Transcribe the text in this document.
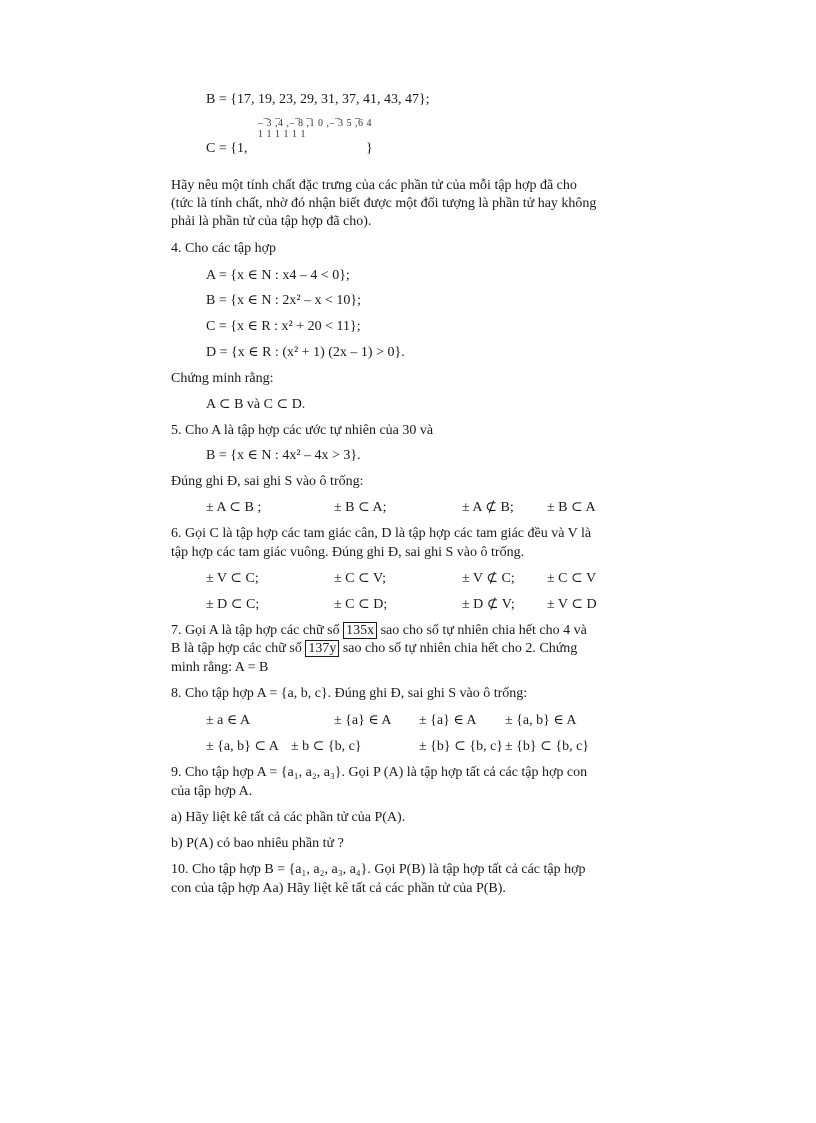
B = {17, 19, 23, 29, 31, 37, 41, 43, 47};
C = {1,
– ̅3 ,̅4 ,– ̅8 ,̅1 0 ,– ̅3 5 ,̅6 4
1 1 1 1 1 1
}
Hãy nêu một tính chất đặc trưng của các phần tử của mỗi tập hợp đã cho
(tức là tính chất, nhờ đó nhận biết được một đối tượng là phần tử hay không
phải là phần tử của tập hợp đã cho).
4. Cho các tập hợp
A = {x ∈ N : x4 – 4 < 0};
B = {x ∈ N : 2x² – x < 10};
C = {x ∈ R : x² + 20 < 11};
D = {x ∈ R : (x² + 1) (2x – 1) > 0}.
Chứng minh rằng:
A ⊂ B và C ⊂ D.
5. Cho A là tập hợp các ước tự nhiên của 30 và
B = {x ∈ N : 4x² – 4x > 3}.
Đúng ghi Đ, sai ghi S vào ô trống:
± A ⊂ B ;	± B ⊂ A;	± A ⊄ B; ± B ⊂ A
6. Gọi C là tập hợp các tam giác cân, D là tập hợp các tam giác đều và V là
tập hợp các tam giác vuông. Đúng ghi Đ, sai ghi S vào ô trống.
± V ⊂ C;	± C ⊂ V;	± V ⊄ C; ± C ⊂ V
± D ⊂ C;	± C ⊂ D;	± D ⊄ V; ± V ⊂ D
7. Gọi A là tập hợp các chữ số 135x sao cho số tự nhiên chia hết cho 4 và
B là tập hợp các chữ số 137y sao cho số tự nhiên chia hết cho 2. Chứng
minh rằng: A = B
8. Cho tập hợp A = {a, b, c}. Đúng ghi Đ, sai ghi S vào ô trống:
± a ∈ A	± {a} ∈ A ± {a} ∈ A ± {a, b} ∈ A
± {a, b} ⊂ A ± b ⊂ {b, c}	± {b} ⊂ {b, c} ± {b} ⊂ {b, c}
9. Cho tập hợp A = {a₁, a₂, a₃}. Gọi P (A) là tập hợp tất cả các tập hợp con
của tập hợp A.
a) Hãy liệt kê tất cả các phần tử của P(A).
b) P(A) có bao nhiêu phần tử ?
10. Cho tập hợp B = {a₁, a₂, a₃, a₄}. Gọi P(B) là tập hợp tất cả các tập hợp
con của tập hợp Aa) Hãy liệt kê tất cả các phần tử của P(B).
